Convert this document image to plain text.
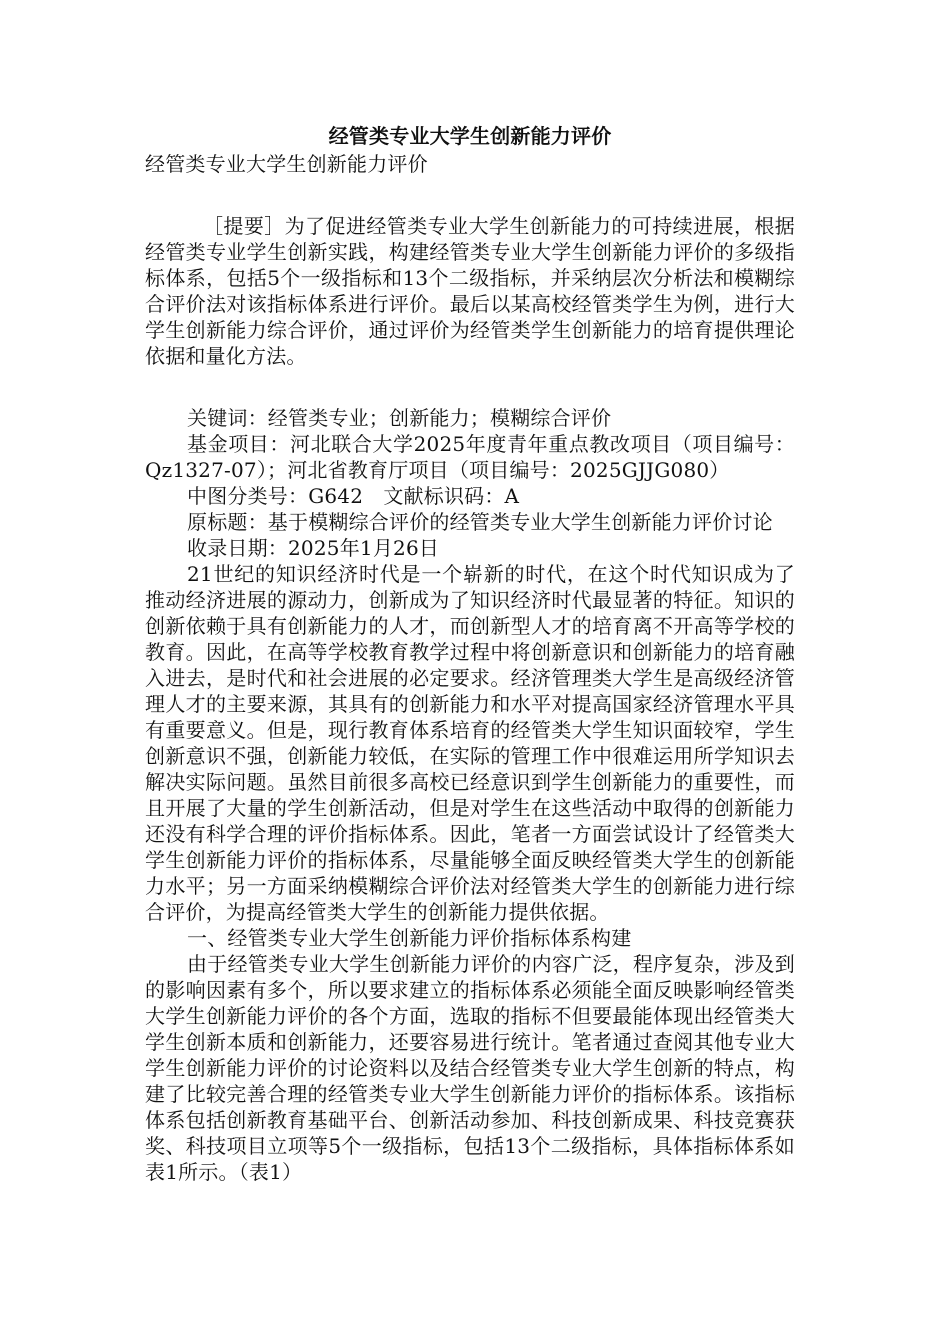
经管类专业大学生创新能力评价

经管类专业大学生创新能力评价

［提要］为了促进经管类专业大学生创新能力的可持续进展，根据经管类专业学生创新实践，构建经管类专业大学生创新能力评价的多级指标体系，包括5个一级指标和13个二级指标，并采纳层次分析法和模糊综合评价法对该指标体系进行评价。最后以某高校经管类学生为例，进行大学生创新能力综合评价，通过评价为经管类学生创新能力的培育提供理论依据和量化方法。

关键词：经管类专业；创新能力；模糊综合评价

基金项目：河北联合大学2025年度青年重点教改项目（项目编号：Qz1327-07）；河北省教育厅项目（项目编号：2025GJJG080）

中图分类号：G642　文献标识码：A

原标题：基于模糊综合评价的经管类专业大学生创新能力评价讨论

收录日期：2025年1月26日

21世纪的知识经济时代是一个崭新的时代，在这个时代知识成为了推动经济进展的源动力，创新成为了知识经济时代最显著的特征。知识的创新依赖于具有创新能力的人才，而创新型人才的培育离不开高等学校的教育。因此，在高等学校教育教学过程中将创新意识和创新能力的培育融入进去，是时代和社会进展的必定要求。经济管理类大学生是高级经济管理人才的主要来源，其具有的创新能力和水平对提高国家经济管理水平具有重要意义。但是，现行教育体系培育的经管类大学生知识面较窄，学生创新意识不强，创新能力较低，在实际的管理工作中很难运用所学知识去解决实际问题。虽然目前很多高校已经意识到学生创新能力的重要性，而且开展了大量的学生创新活动，但是对学生在这些活动中取得的创新能力还没有科学合理的评价指标体系。因此，笔者一方面尝试设计了经管类大学生创新能力评价的指标体系，尽量能够全面反映经管类大学生的创新能力水平；另一方面采纳模糊综合评价法对经管类大学生的创新能力进行综合评价，为提高经管类大学生的创新能力提供依据。

一、经管类专业大学生创新能力评价指标体系构建

由于经管类专业大学生创新能力评价的内容广泛，程序复杂，涉及到的影响因素有多个，所以要求建立的指标体系必须能全面反映影响经管类大学生创新能力评价的各个方面，选取的指标不但要最能体现出经管类大学生创新本质和创新能力，还要容易进行统计。笔者通过查阅其他专业大学生创新能力评价的讨论资料以及结合经管类专业大学生创新的特点，构建了比较完善合理的经管类专业大学生创新能力评价的指标体系。该指标体系包括创新教育基础平台、创新活动参加、科技创新成果、科技竞赛获奖、科技项目立项等5个一级指标，包括13个二级指标，具体指标体系如表1所示。（表1）
